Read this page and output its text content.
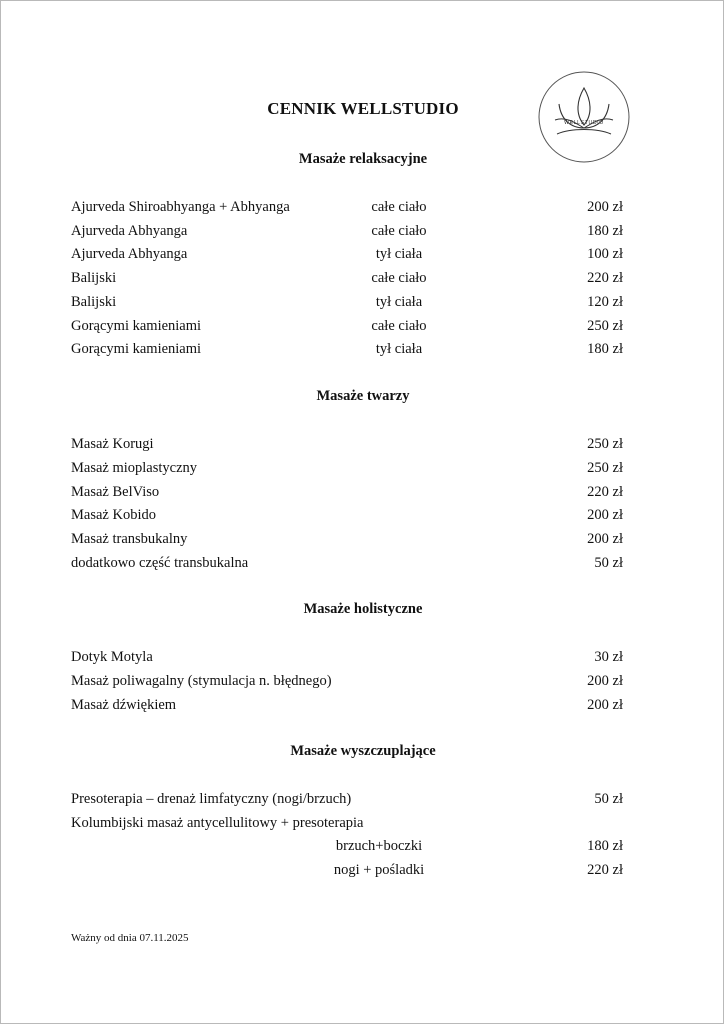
WELLSTUDIO
CENNIK WELLSTUDIO
Masaże relaksacyjne
Ajurveda Shiroabhyanga + Abhyanga	całe ciało	200 zł
Ajurveda Abhyanga	całe ciało	180 zł
Ajurveda Abhyanga	tył ciała	100 zł
Balijski	całe ciało	220 zł
Balijski	tył ciała	120 zł
Gorącymi kamieniami	całe ciało	250 zł
Gorącymi kamieniami	tył ciała	180 zł
Masaże twarzy
Masaż Korugi	250 zł
Masaż mioplastyczny	250 zł
Masaż BelViso	220 zł
Masaż Kobido	200 zł
Masaż transbukalny	200 zł
dodatkowo część transbukalna	50 zł
Masaże holistyczne
Dotyk Motyla	30 zł
Masaż poliwagalny (stymulacja n. błędnego)	200 zł
Masaż dźwiękiem	200 zł
Masaże wyszczuplające
Presoterapia – drenaż limfatyczny (nogi/brzuch)	50 zł
Kolumbijski masaż antycellulitowy + presoterapia
brzuch+boczki	180 zł
nogi + pośladki	220 zł
Ważny od dnia 07.11.2025
